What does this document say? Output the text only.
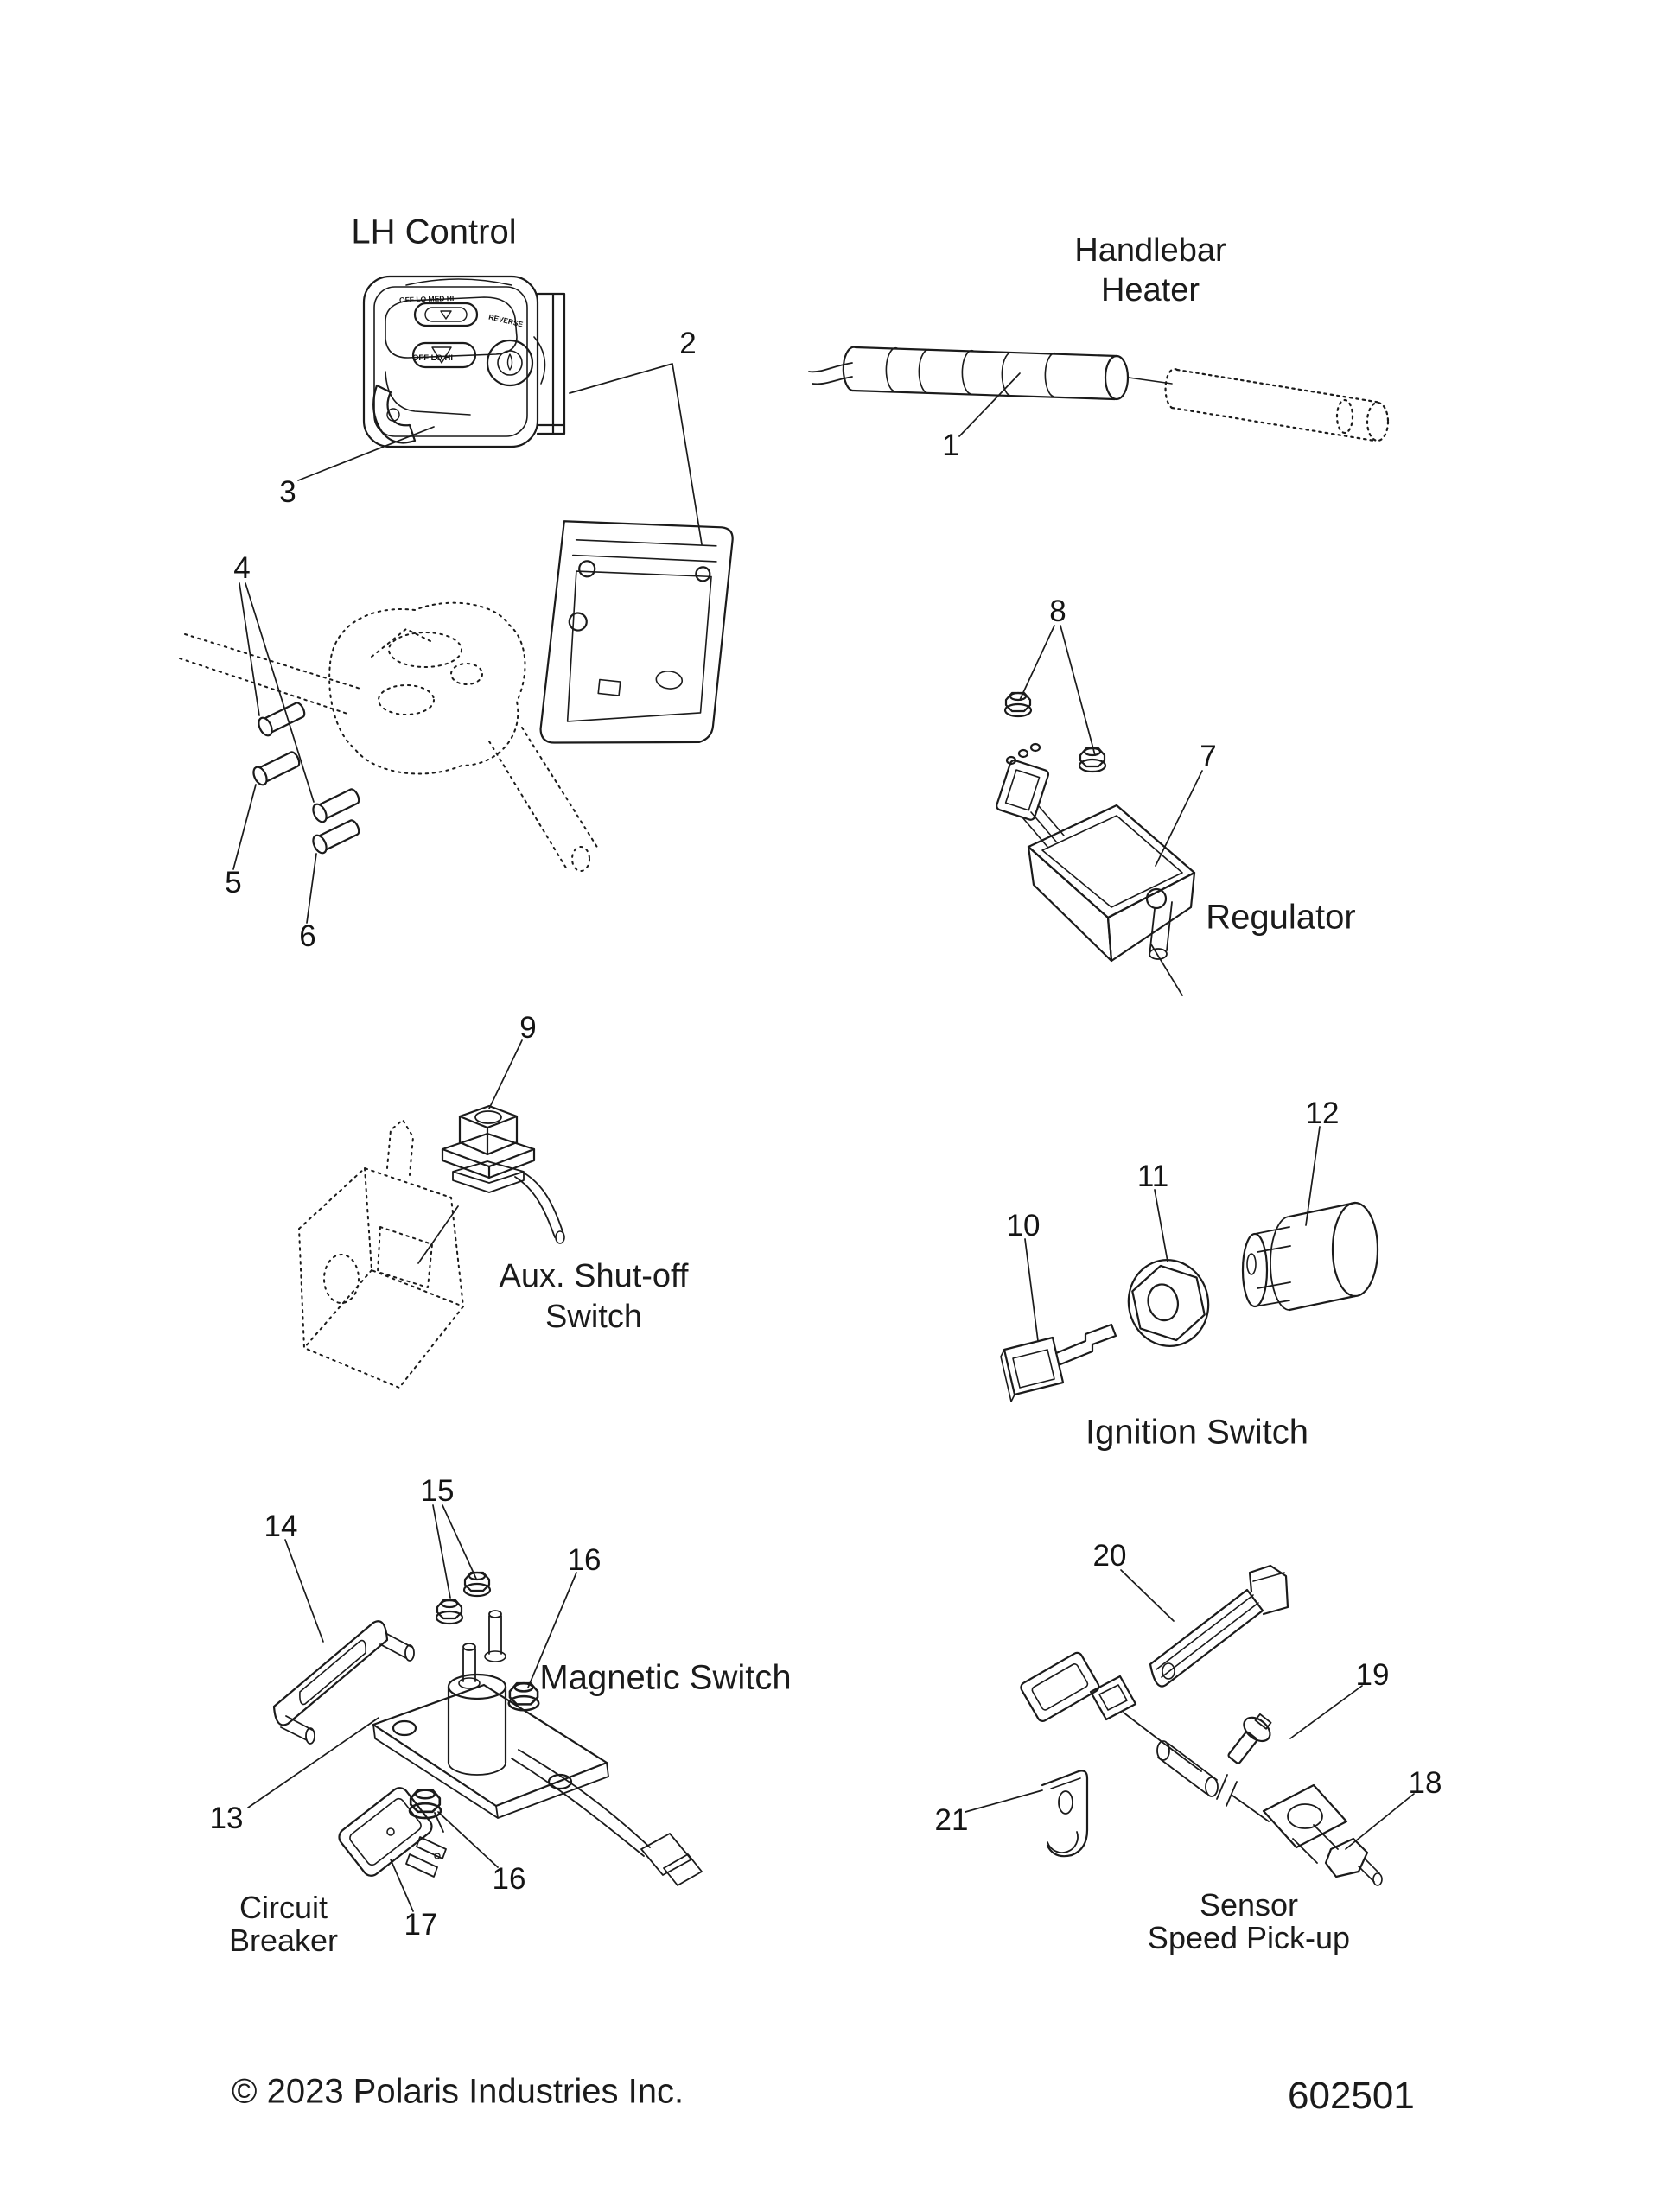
LH Control	Handlebar
Heater
Regulator
Aux. Shut-off
Switch
Ignition Switch
Magnetic Switch
Circuit
Breaker
Sensor
Speed Pick-up
OFF LO MED HI
REVERSE
OFF LO HI
1
2
3
4
5
6
7
8
9
10
11
12
13
14
15
16
16
17
18
19
20
21
© 2023 Polaris Industries Inc.	602501
